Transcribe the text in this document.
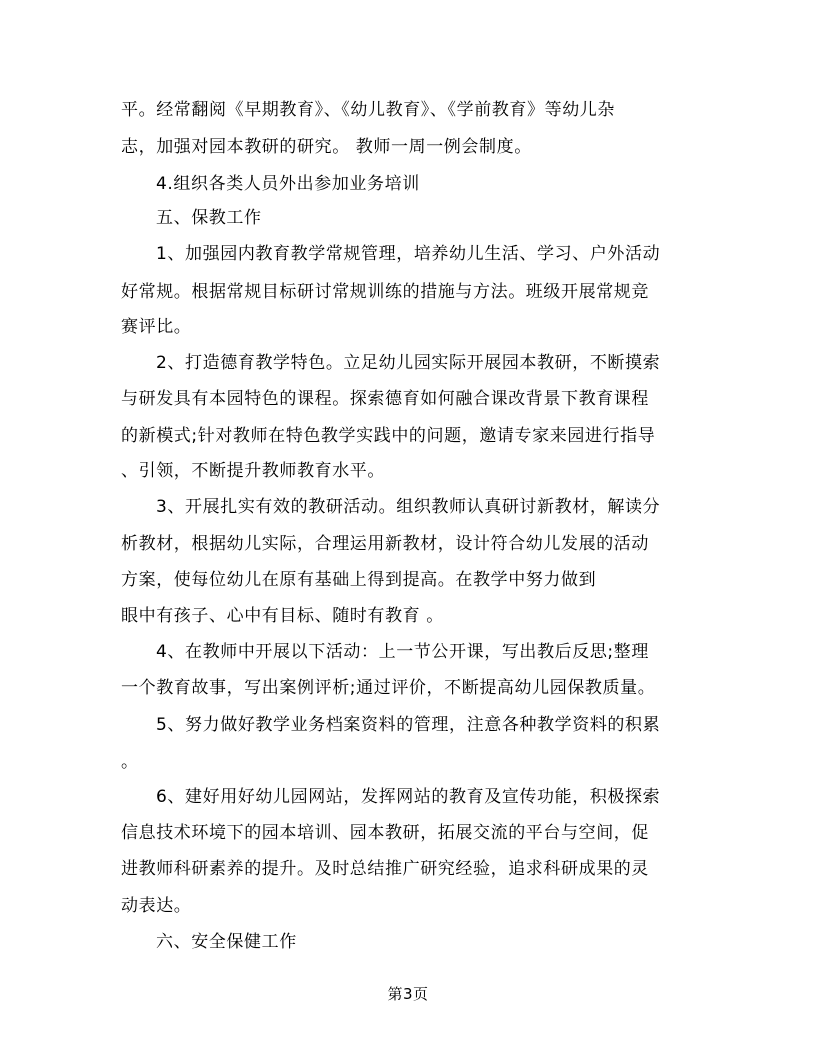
平。经常翻阅《早期教育》、《幼儿教育》、《学前教育》等幼儿杂
志，加强对园本教研的研究。 教师一周一例会制度。
4.组织各类人员外出参加业务培训
五、保教工作
1、加强园内教育教学常规管理，培养幼儿生活、学习、户外活动
好常规。根据常规目标研讨常规训练的措施与方法。班级开展常规竞
赛评比。
2、打造德育教学特色。立足幼儿园实际开展园本教研，不断摸索
与研发具有本园特色的课程。探索德育如何融合课改背景下教育课程
的新模式;针对教师在特色教学实践中的问题，邀请专家来园进行指导
、引领，不断提升教师教育水平。
3、开展扎实有效的教研活动。组织教师认真研讨新教材，解读分
析教材，根据幼儿实际，合理运用新教材，设计符合幼儿发展的活动
方案，使每位幼儿在原有基础上得到提高。在教学中努力做到
眼中有孩子、心中有目标、随时有教育 。
4、在教师中开展以下活动：上一节公开课，写出教后反思;整理
一个教育故事，写出案例评析;通过评价，不断提高幼儿园保教质量。
5、努力做好教学业务档案资料的管理，注意各种教学资料的积累
。
6、建好用好幼儿园网站，发挥网站的教育及宣传功能，积极探索
信息技术环境下的园本培训、园本教研，拓展交流的平台与空间，促
进教师科研素养的提升。及时总结推广研究经验，追求科研成果的灵
动表达。
六、安全保健工作
第3页
